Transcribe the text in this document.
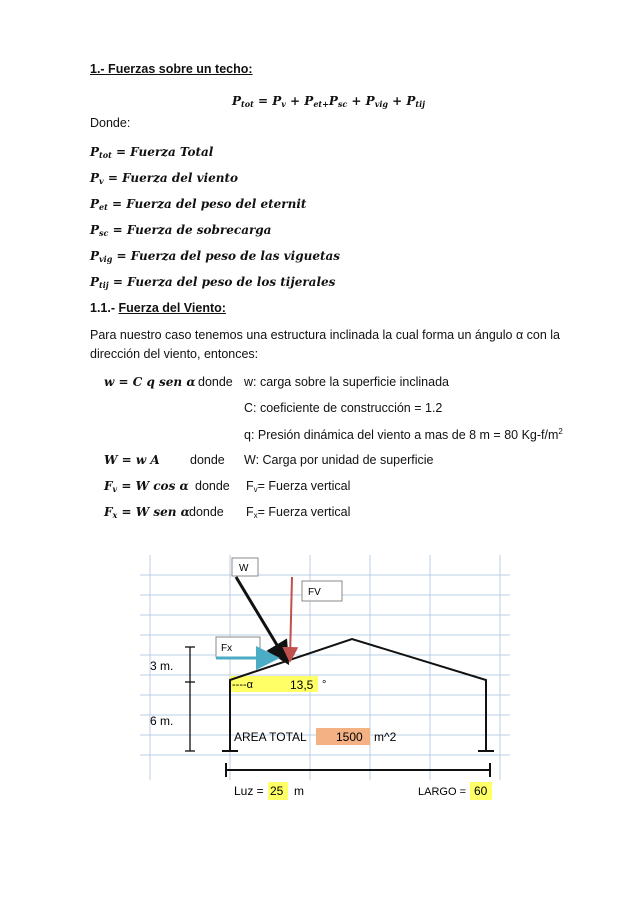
1.- Fuerzas sobre un techo:
$P_{tot} = P_v + P_{et+}P_{sc} + P_{vig} + P_{tij}$
Donde:
$P_{tot}$ = Fuerza Total
$P_v$ = Fuerza del viento
$P_{et}$ = Fuerza del peso del eternit
$P_{sc}$ = Fuerza de sobrecarga
$P_{vig}$ = Fuerza del peso de las viguetas
$P_{tij}$ = Fuerza del peso de los tijerales
1.1.- Fuerza del Viento:
Para nuestro caso tenemos una estructura inclinada la cual forma un ángulo α con la dirección del viento, entonces:
w = C q sen α donde w: carga sobre la superficie inclinada
C: coeficiente de construcción = 1.2
q: Presión dinámica del viento a mas de 8 m = 80 $Kg-f/m^2$
W = w A donde W: Carga por unidad de superficie
$F_v = W$ cos α donde Fv= Fuerza vertical
$F_x = W$ sen α donde Fx= Fuerza vertical
W
FV
Fx
3 m.
6 m.
----α	13,5 °
AREA TOTAL 1500 m^2
Luz = 25 m	LARGO = 60
